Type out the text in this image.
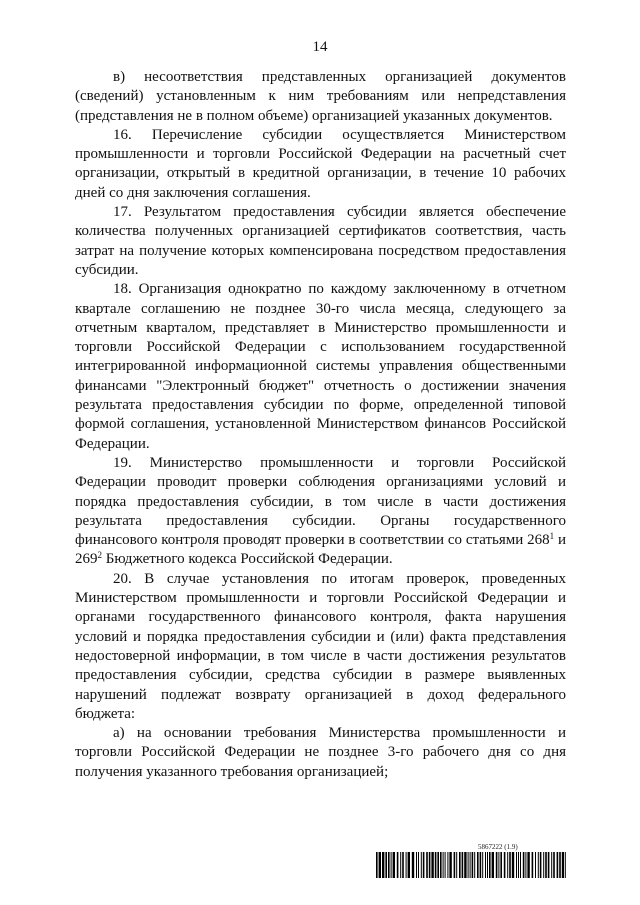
14

в) несоответствия представленных организацией документов (сведений) установленным к ним требованиям или непредставления (представления не в полном объеме) организацией указанных документов.

16. Перечисление субсидии осуществляется Министерством промышленности и торговли Российской Федерации на расчетный счет организации, открытый в кредитной организации, в течение 10 рабочих дней со дня заключения соглашения.

17. Результатом предоставления субсидии является обеспечение количества полученных организацией сертификатов соответствия, часть затрат на получение которых компенсирована посредством предоставления субсидии.

18. Организация однократно по каждому заключенному в отчетном квартале соглашению не позднее 30-го числа месяца, следующего за отчетным кварталом, представляет в Министерство промышленности и торговли Российской Федерации с использованием государственной интегрированной информационной системы управления общественными финансами "Электронный бюджет" отчетность о достижении значения результата предоставления субсидии по форме, определенной типовой формой соглашения, установленной Министерством финансов Российской Федерации.

19. Министерство промышленности и торговли Российской Федерации проводит проверки соблюдения организациями условий и порядка предоставления субсидии, в том числе в части достижения результата предоставления субсидии. Органы государственного финансового контроля проводят проверки в соответствии со статьями $268^1$ и $269^2$ Бюджетного кодекса Российской Федерации.

20. В случае установления по итогам проверок, проведенных Министерством промышленности и торговли Российской Федерации и органами государственного финансового контроля, факта нарушения условий и порядка предоставления субсидии и (или) факта представления недостоверной информации, в том числе в части достижения результатов предоставления субсидии, средства субсидии в размере выявленных нарушений подлежат возврату организацией в доход федерального бюджета:

а) на основании требования Министерства промышленности и торговли Российской Федерации не позднее 3-го рабочего дня со дня получения указанного требования организацией;

5867222 (1.9)
